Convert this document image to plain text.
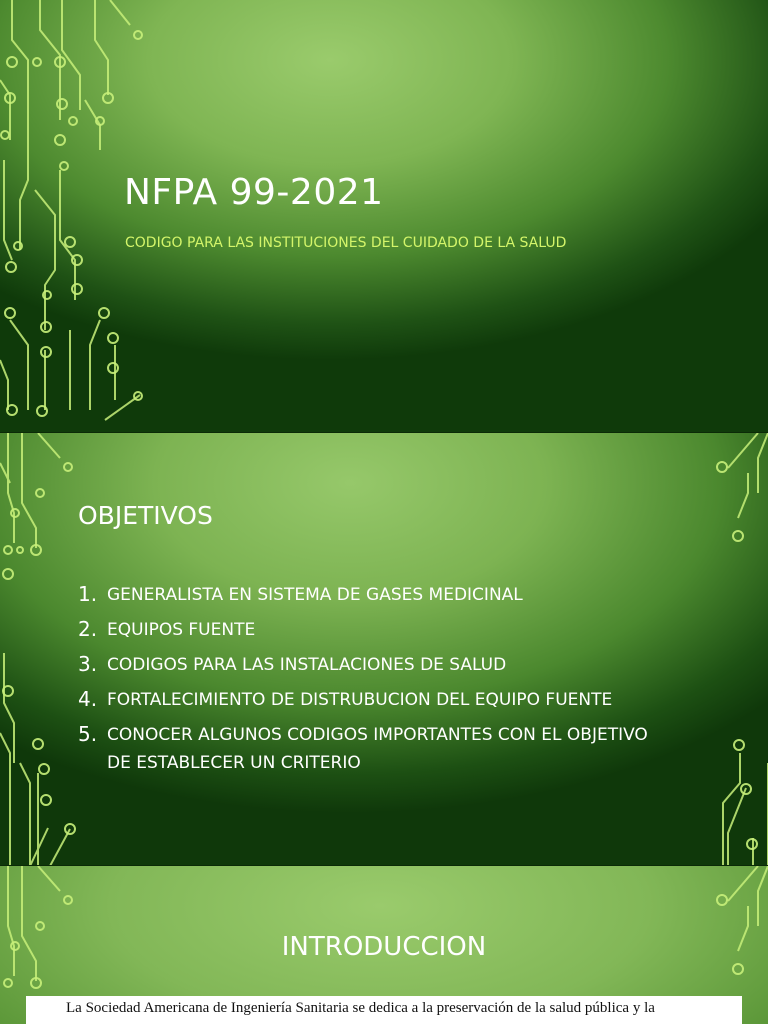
NFPA 99-2021
CODIGO PARA LAS INSTITUCIONES DEL CUIDADO DE LA SALUD
OBJETIVOS
1. GENERALISTA EN SISTEMA DE GASES MEDICINAL
2. EQUIPOS FUENTE
3. CODIGOS PARA LAS INSTALACIONES DE SALUD
4. FORTALECIMIENTO DE DISTRUBUCION DEL EQUIPO FUENTE
5. CONOCER ALGUNOS CODIGOS IMPORTANTES CON EL OBJETIVO DE ESTABLECER UN CRITERIO
INTRODUCCION
La Sociedad Americana de Ingeniería Sanitaria se dedica a la preservación de la salud pública y la
